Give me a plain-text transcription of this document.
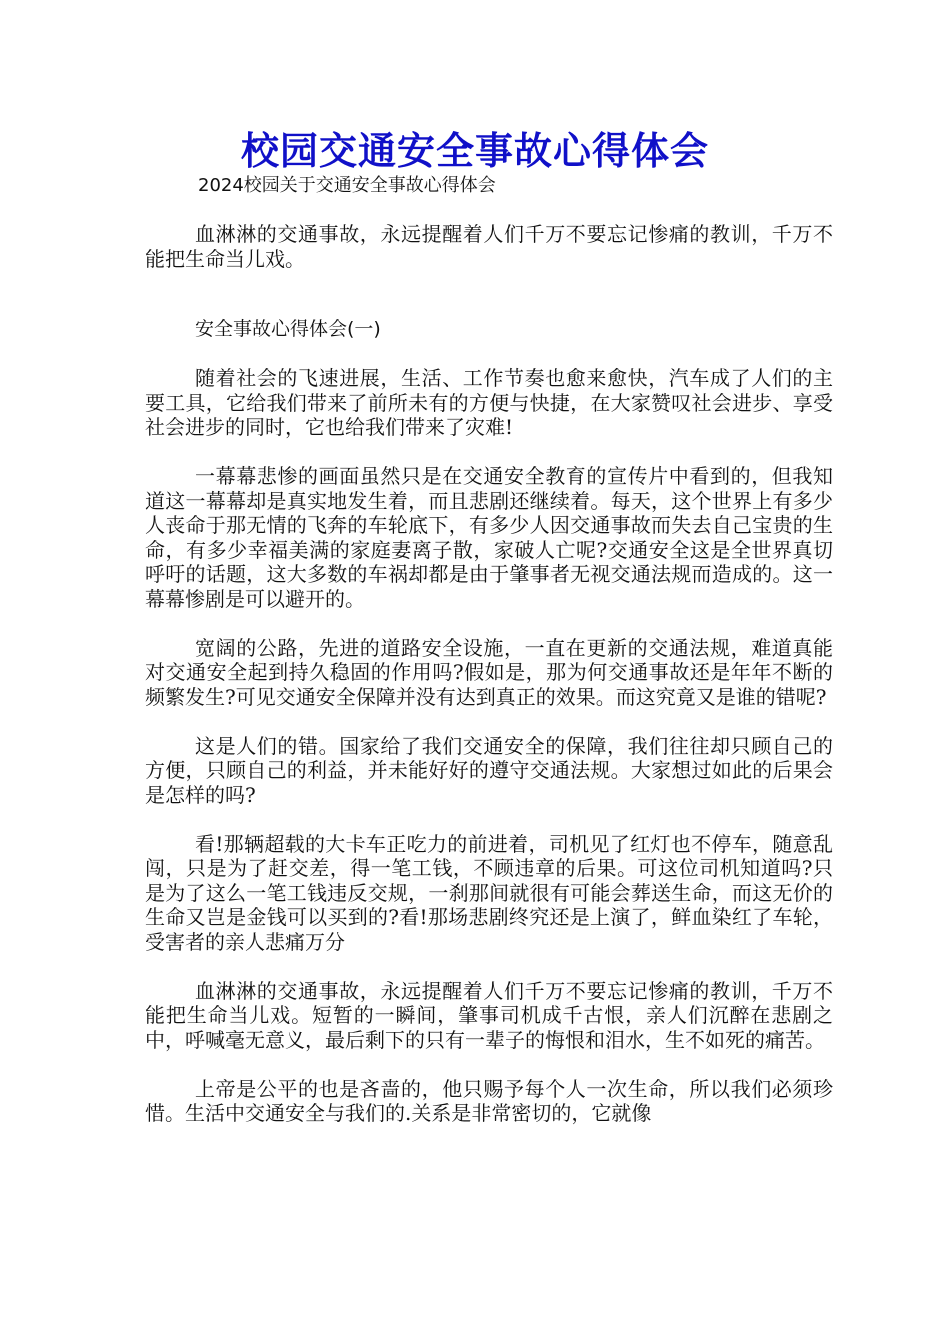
校园交通安全事故心得体会
2024校园关于交通安全事故心得体会

血淋淋的交通事故，永远提醒着人们千万不要忘记惨痛的教训，千万不能把生命当儿戏。

安全事故心得体会(一)

随着社会的飞速进展，生活、工作节奏也愈来愈快，汽车成了人们的主要工具，它给我们带来了前所未有的方便与快捷，在大家赞叹社会进步、享受社会进步的同时，它也给我们带来了灾难!

一幕幕悲惨的画面虽然只是在交通安全教育的宣传片中看到的，但我知道这一幕幕却是真实地发生着，而且悲剧还继续着。每天，这个世界上有多少人丧命于那无情的飞奔的车轮底下，有多少人因交通事故而失去自己宝贵的生命，有多少幸福美满的家庭妻离子散，家破人亡呢?交通安全这是全世界真切呼吁的话题，这大多数的车祸却都是由于肇事者无视交通法规而造成的。这一幕幕惨剧是可以避开的。

宽阔的公路，先进的道路安全设施，一直在更新的交通法规，难道真能对交通安全起到持久稳固的作用吗?假如是，那为何交通事故还是年年不断的频繁发生?可见交通安全保障并没有达到真正的效果。而这究竟又是谁的错呢?

这是人们的错。国家给了我们交通安全的保障，我们往往却只顾自己的方便，只顾自己的利益，并未能好好的遵守交通法规。大家想过如此的后果会是怎样的吗?

看!那辆超载的大卡车正吃力的前进着，司机见了红灯也不停车，随意乱闯，只是为了赶交差，得一笔工钱，不顾违章的后果。可这位司机知道吗?只是为了这么一笔工钱违反交规，一刹那间就很有可能会葬送生命，而这无价的生命又岂是金钱可以买到的?看!那场悲剧终究还是上演了，鲜血染红了车轮，受害者的亲人悲痛万分

血淋淋的交通事故，永远提醒着人们千万不要忘记惨痛的教训，千万不能把生命当儿戏。短暂的一瞬间，肇事司机成千古恨，亲人们沉醉在悲剧之中，呼喊毫无意义，最后剩下的只有一辈子的悔恨和泪水，生不如死的痛苦。

上帝是公平的也是吝啬的，他只赐予每个人一次生命，所以我们必须珍惜。生活中交通安全与我们的.关系是非常密切的，它就像
